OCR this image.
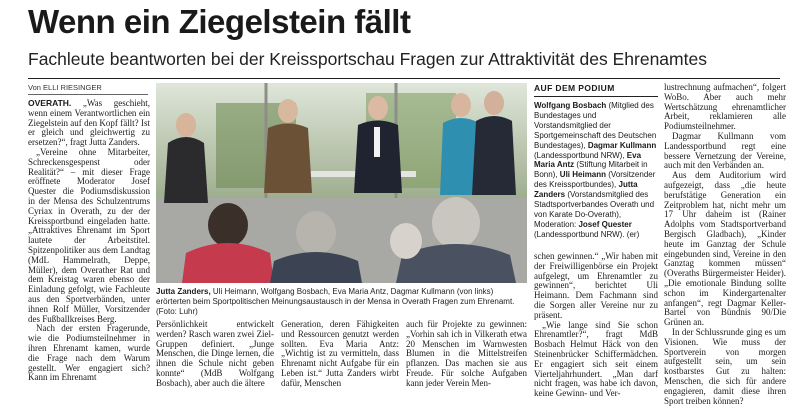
Wenn ein Ziegelstein fällt
Fachleute beantworten bei der Kreissportschau Fragen zur Attraktivität des Ehrenamtes
Von ELLI RIESINGER

OVERATH. „Was geschieht, wenn einem Verantwortlichen ein Ziegelstein auf den Kopf fällt? Ist er gleich und gleichwertig zu ersetzen?“, fragt Jutta Zanders.

„Vereine ohne Mitarbeiter, Schreckensgespenst oder Realität?“ – mit dieser Frage eröffnete Moderator Josef Quester die Podiumsdiskussion in der Mensa des Schulzentrums Cyriax in Overath, zu der der Kreissportbund eingeladen hatte. „Attraktives Ehrenamt im Sport lautete der Arbeitstitel. Spitzenpolitiker aus dem Landtag (MdL Hammelrath, Deppe, Müller), dem Overather Rat und dem Kreistag waren ebenso der Einladung gefolgt, wie Fachleute aus den Sportverbänden, unter ihnen Rolf Müller, Vorsitzender des Fußballkreises Berg.

Nach der ersten Fragerunde, wie die Podiumsteilnehmer in ihren Ehrenamt kamen, wurde die Frage nach dem Warum gestellt. Wer engagiert sich? Kann im Ehrenamt

Jutta Zanders, Uli Heimann, Wolfgang Bosbach, Eva Maria Antz, Dagmar Kullmann (von links) erörterten beim Sportpolitischen Meinungsaustausch in der Mensa in Overath Fragen zum Ehrenamt. (Foto: Luhr)

Persönlichkeit entwickelt werden? Rasch waren zwei Ziel-Gruppen definiert. „Junge Menschen, die Dinge lernen, die ihnen die Schule nicht geben konnte“ (MdB Wolfgang Bosbach), aber auch die ältere

Generation, deren Fähigkeiten und Ressourcen genutzt werden sollten. Eva Maria Antz: „Wichtig ist zu vermitteln, dass Ehrenamt nicht Aufgabe für ein Leben ist.“ Jutta Zanders wirbt dafür, Menschen

auch für Projekte zu gewinnen: „Vorhin sah ich in Vilkerath etwa 20 Menschen im Warnwesten Blumen in die Mittelstreifen pflanzen. Das machen sie aus Freude. Für solche Aufgaben kann jeder Verein Men-

AUF DEM PODIUM
Wolfgang Bosbach (Mitglied des Bundestages und Vorstandsmitglied der Sportgemeinschaft des Deutschen Bundestages), Dagmar Kullmann (Landessportbund NRW), Eva Maria Antz (Stiftung Mitarbeit in Bonn), Uli Heimann (Vorsitzender des Kreissportbundes), Jutta Zanders (Vorstandsmitglied des Stadtsportverbandes Overath und von Karate Do-Overath), Moderation: Josef Quester (Landessportbund NRW). (er)

schen gewinnen.“ „Wir haben mit der Freiwilligenbörse ein Projekt aufgelegt, um Ehrenamtler zu gewinnen“, berichtet Uli Heimann. Dem Fachmann sind die Sorgen aller Vereine nur zu präsent.

„Wie lange sind Sie schon Ehrenamtler?“, fragt MdB Bosbach Helmut Häck von den Steinenbrücker Schiffermädchen. Er engagiert sich seit einem Vierteljahrhundert. „Man darf nicht fragen, was habe ich davon, keine Gewinn- und Ver-

lustrechnung aufmachen“, folgert WoBo. Aber auch mehr Wertschätzung ehrenamtlicher Arbeit, reklamieren alle Podiumsteilnehmer.

Dagmar Kullmann vom Landessportbund regt eine bessere Vernetzung der Vereine, auch mit den Verbänden an.

Aus dem Auditorium wird aufgezeigt, dass „die heute berufstätige Generation ein Zeitproblem hat, nicht mehr um 17 Uhr daheim ist (Rainer Adolphs vom Stadtsportverband Bergisch Gladbach), „Kinder heute im Ganztag der Schule eingebunden sind, Vereine in den Ganztag kommen müssen“ (Overaths Bürgermeister Heider). „Die emotionale Bindung sollte schon im Kindergartenalter anfangen“, regt Dagmar Keller-Bartel von Bündnis 90/Die Grünen an.

In der Schlussrunde ging es um Visionen. Wie muss der Sportverein von morgen aufgestellt sein, um sein kostbarstes Gut zu halten: Menschen, die sich für andere engagieren, damit diese ihren Sport treiben können?
